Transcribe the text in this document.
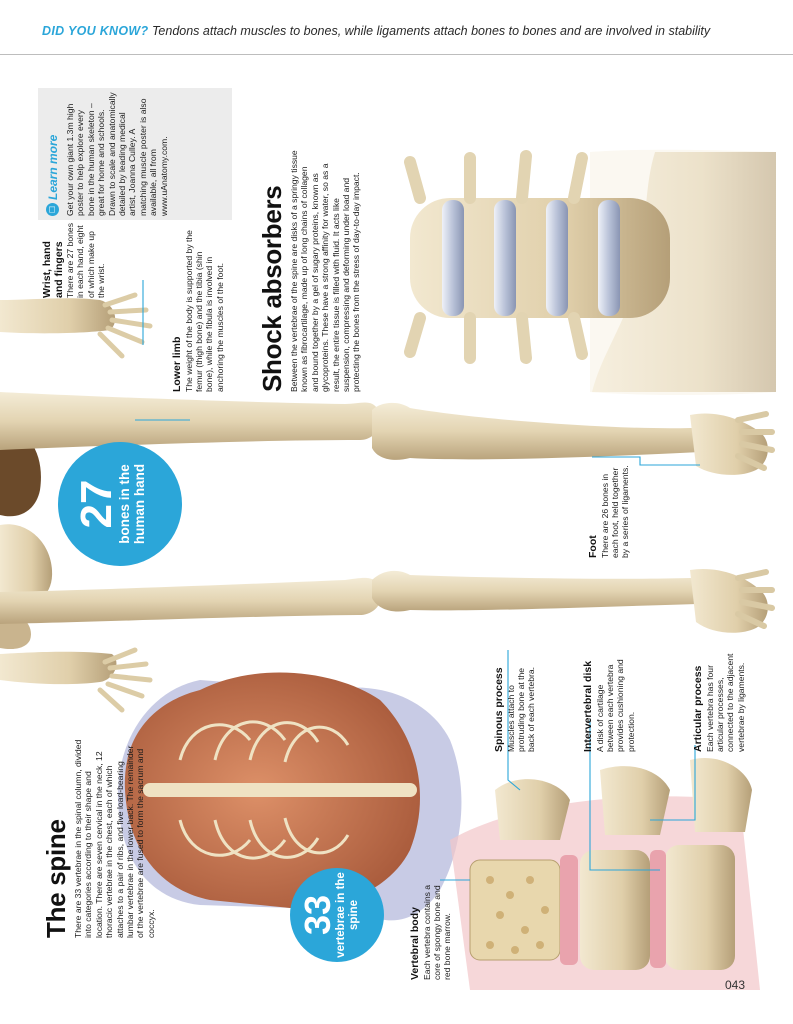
DID YOU KNOW? Tendons attach muscles to bones, while ligaments attach bones to bones and are involved in stability
☐Learn more Get your own giant 1.3m high poster to help explore every bone in the human skeleton – great for home and schools. Drawn to scale and anatomically detailed by leading medical artist, Joanna Culley. A matching muscle poster is also available, all from www.uAnatomy.com.
Wrist, hand and fingers There are 27 bones in each hand, eight of which make up the wrist.
Lower limb The weight of the body is supported by the femur (thigh bone) and the tibia (shin bone), while the fibula is involved in anchoring the muscles of the foot. Shock absorbers Between the vertebrae of the spine are disks of a springy tissue known as fibrocartilage, made up of long chains of collagen and bound together by a gel of sugary proteins, known as glycoproteins. These have a strong affinity for water, so as a result, the entire tissue is filled with fluid. It acts like suspension, compressing and deforming under load and protecting the bones from the stress of day-to-day impact.
27
bones in the human hand
Foot There are 26 bones in each foot, held together by a series of ligaments.
The spine There are 33 vertebrae in the spinal column, divided into categories according to their shape and location. There are seven cervical in the neck, 12 thoracic vertebrae in the chest, each of which attaches to a pair of ribs, and five load-bearing lumbar vertebrae in the lower back. The remainder of the vertebrae are fused to form the sacrum and coccyx.	33
vertebrae in the spine
Spinous process Muscles attach to protruding bone at the back of each vertebra.	Intervertebral disk A disk of cartilage between each vertebra provides cushioning and protection.	Articular process Each vertebra has four articular processes, connected to the adjacent vertebrae by ligaments.
Vertebral body Each vertebra contains a core of spongy bone and red bone marrow.
043
